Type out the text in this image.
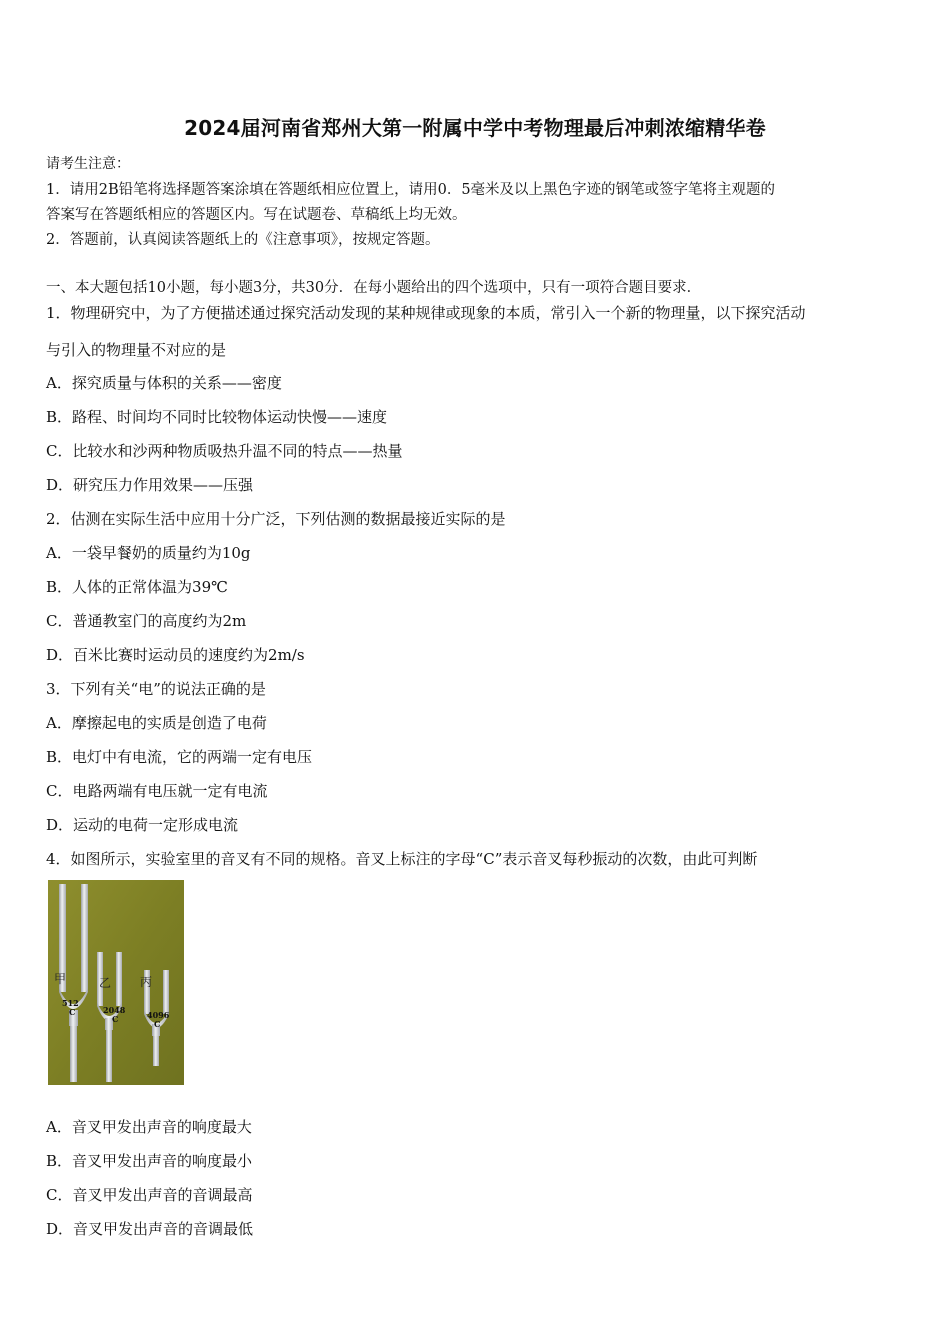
2024届河南省郑州大第一附属中学中考物理最后冲刺浓缩精华卷
请考生注意：
1．请用2B铅笔将选择题答案涂填在答题纸相应位置上，请用0．5毫米及以上黑色字迹的钢笔或签字笔将主观题的
答案写在答题纸相应的答题区内。写在试题卷、草稿纸上均无效。
2．答题前，认真阅读答题纸上的《注意事项》，按规定答题。
一、本大题包括10小题，每小题3分，共30分．在每小题给出的四个选项中，只有一项符合题目要求．
1．物理研究中，为了方便描述通过探究活动发现的某种规律或现象的本质，常引入一个新的物理量，以下探究活动
与引入的物理量不对应的是
A．探究质量与体积的关系——密度
B．路程、时间均不同时比较物体运动快慢——速度
C．比较水和沙两种物质吸热升温不同的特点——热量
D．研究压力作用效果——压强
2．估测在实际生活中应用十分广泛，下列估测的数据最接近实际的是
A．一袋早餐奶的质量约为10g
B．人体的正常体温为39℃
C．普通教室门的高度约为2m
D．百米比赛时运动员的速度约为2m/s
3．下列有关“电”的说法正确的是
A．摩擦起电的实质是创造了电荷
B．电灯中有电流，它的两端一定有电压
C．电路两端有电压就一定有电流
D．运动的电荷一定形成电流
4．如图所示，实验室里的音叉有不同的规格。音叉上标注的字母“C”表示音叉每秒振动的次数，由此可判断
甲	乙 丙
512
C	2048
C	4096
C
A．音叉甲发出声音的响度最大
B．音叉甲发出声音的响度最小
C．音叉甲发出声音的音调最高
D．音叉甲发出声音的音调最低
